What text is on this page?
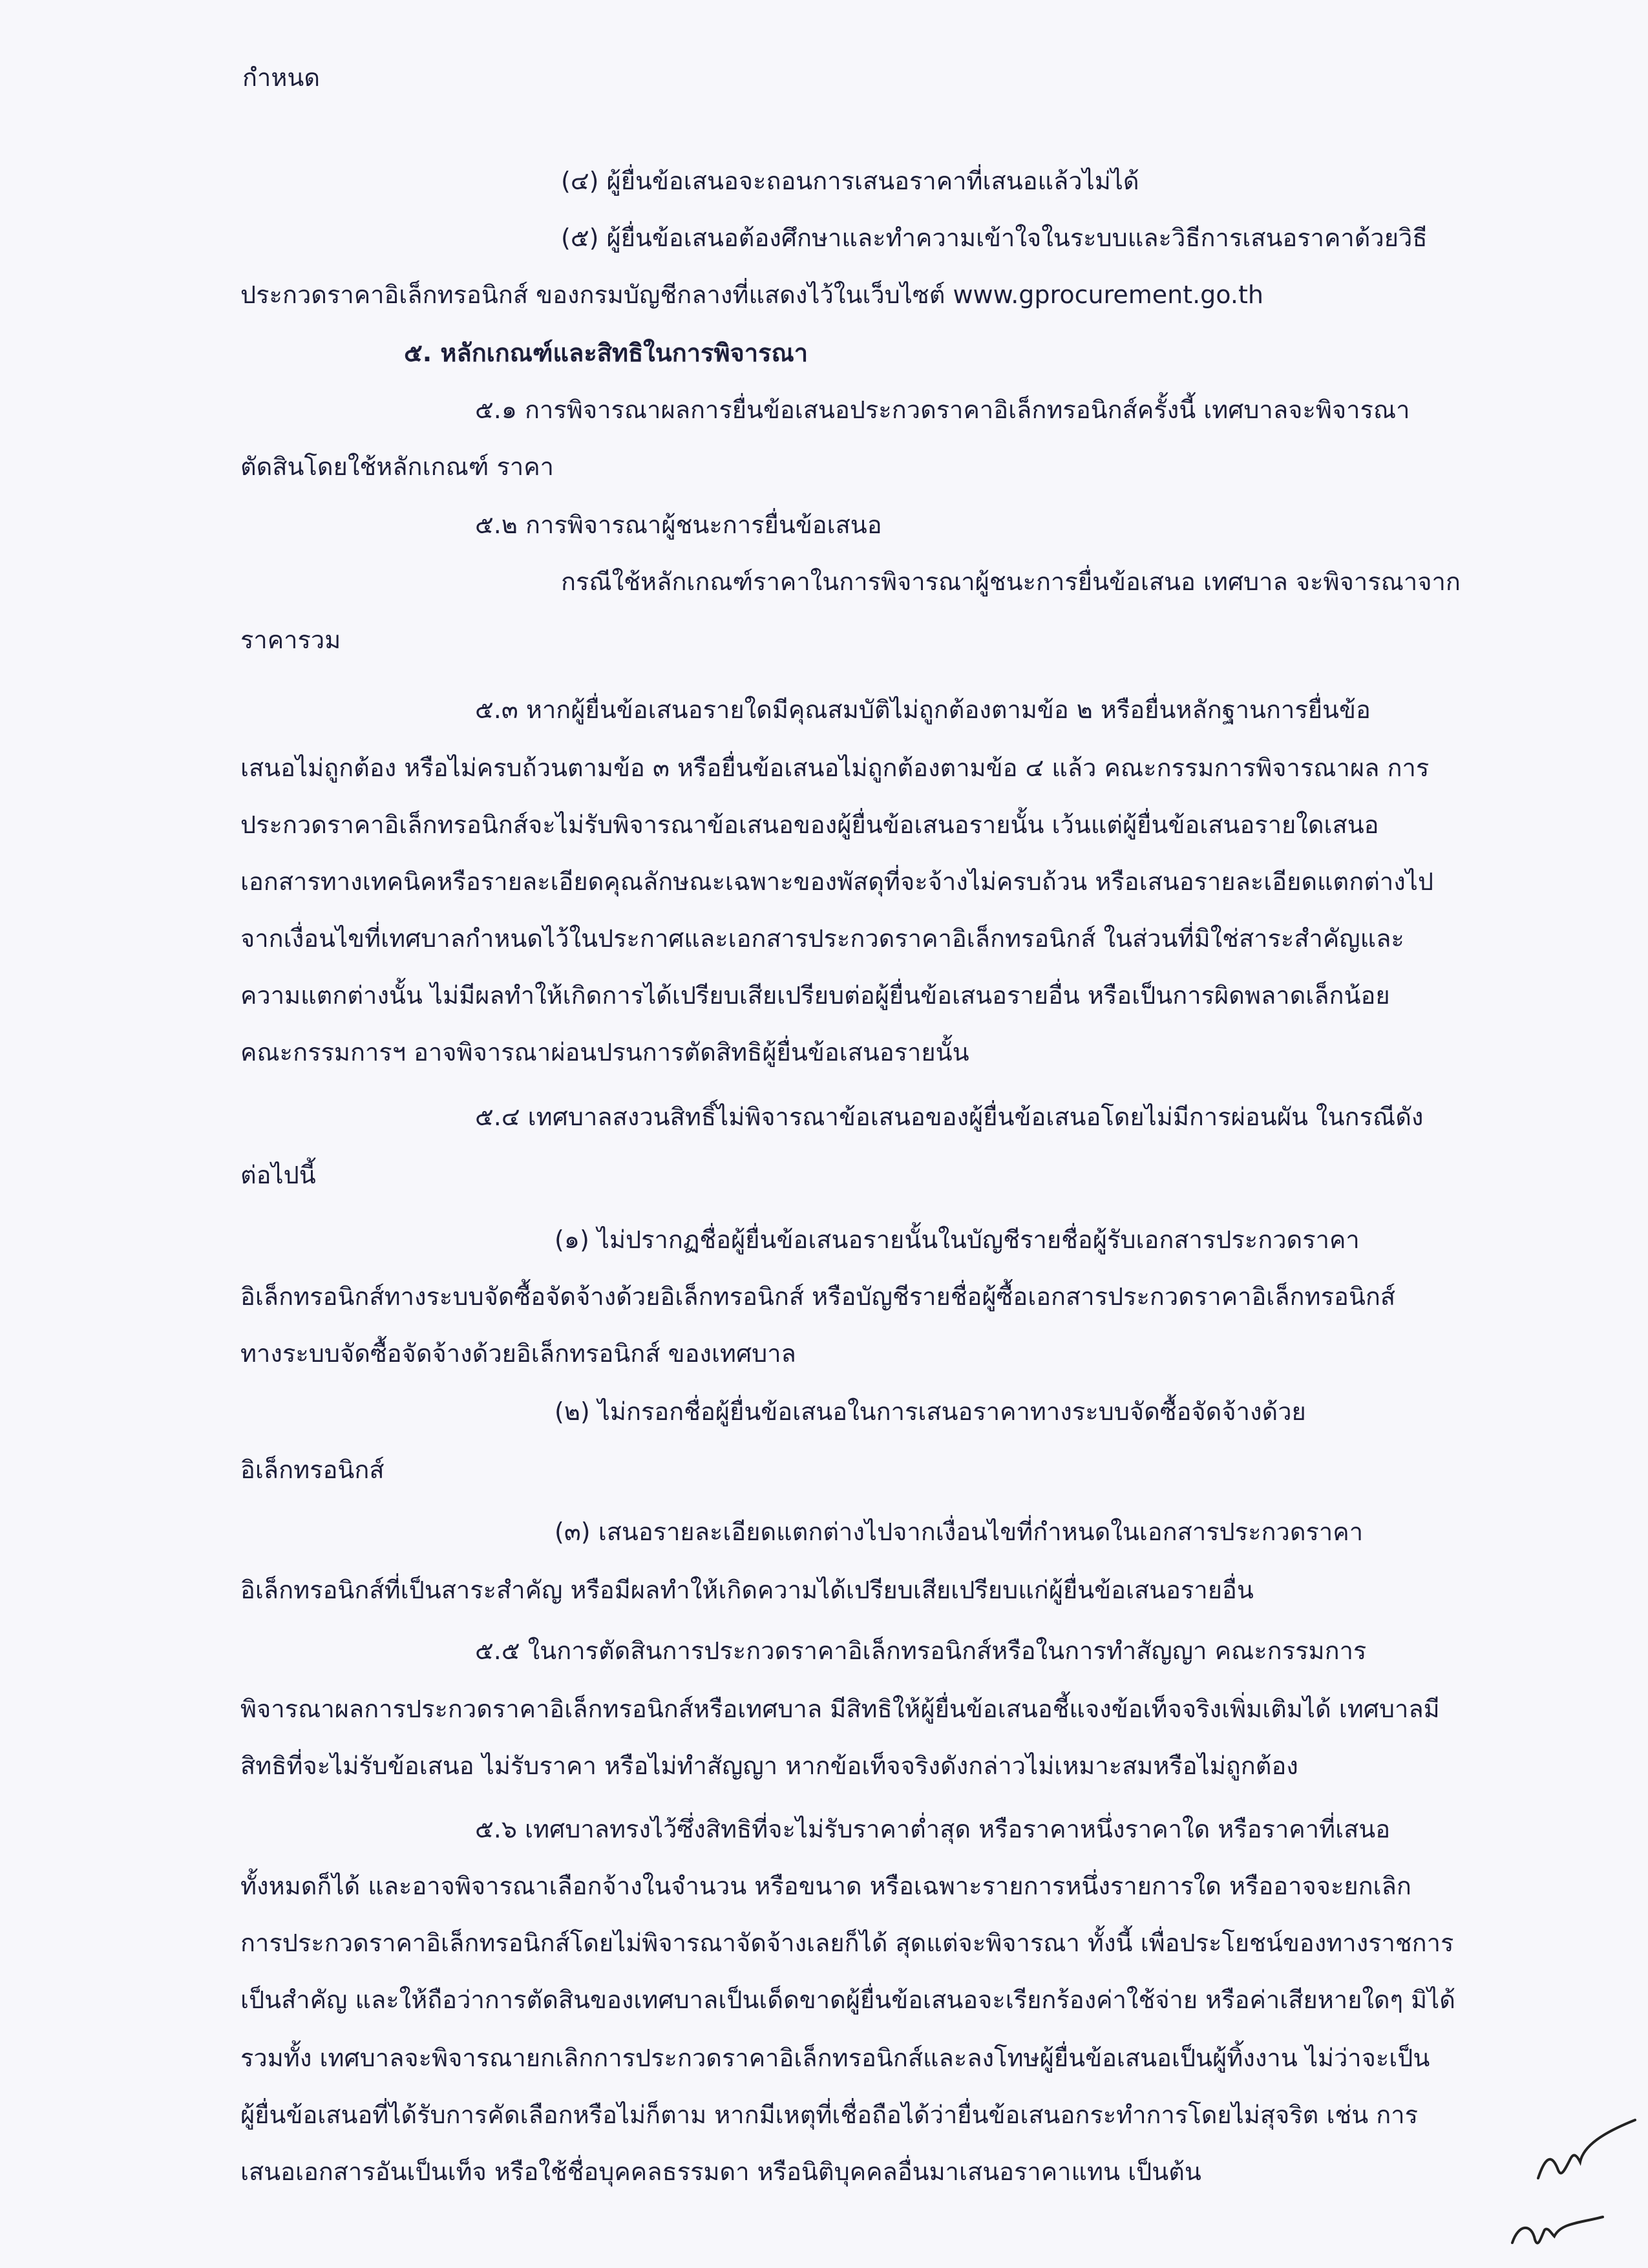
กำหนด
(๔) ผู้ยื่นข้อเสนอจะถอนการเสนอราคาที่เสนอแล้วไม่ได้
(๕) ผู้ยื่นข้อเสนอต้องศึกษาและทำความเข้าใจในระบบและวิธีการเสนอราคาด้วยวิธี
ประกวดราคาอิเล็กทรอนิกส์ ของกรมบัญชีกลางที่แสดงไว้ในเว็บไซต์ www.gprocurement.go.th
๕. หลักเกณฑ์และสิทธิในการพิจารณา
๕.๑ การพิจารณาผลการยื่นข้อเสนอประกวดราคาอิเล็กทรอนิกส์ครั้งนี้ เทศบาลจะพิจารณา
ตัดสินโดยใช้หลักเกณฑ์ ราคา
๕.๒ การพิจารณาผู้ชนะการยื่นข้อเสนอ
กรณีใช้หลักเกณฑ์ราคาในการพิจารณาผู้ชนะการยื่นข้อเสนอ เทศบาล จะพิจารณาจาก
ราคารวม
๕.๓ หากผู้ยื่นข้อเสนอรายใดมีคุณสมบัติไม่ถูกต้องตามข้อ ๒ หรือยื่นหลักฐานการยื่นข้อ
เสนอไม่ถูกต้อง หรือไม่ครบถ้วนตามข้อ ๓ หรือยื่นข้อเสนอไม่ถูกต้องตามข้อ ๔ แล้ว คณะกรรมการพิจารณาผล การ
ประกวดราคาอิเล็กทรอนิกส์จะไม่รับพิจารณาข้อเสนอของผู้ยื่นข้อเสนอรายนั้น เว้นแต่ผู้ยื่นข้อเสนอรายใดเสนอ
เอกสารทางเทคนิคหรือรายละเอียดคุณลักษณะเฉพาะของพัสดุที่จะจ้างไม่ครบถ้วน หรือเสนอรายละเอียดแตกต่างไป
จากเงื่อนไขที่เทศบาลกำหนดไว้ในประกาศและเอกสารประกวดราคาอิเล็กทรอนิกส์ ในส่วนที่มิใช่สาระสำคัญและ
ความแตกต่างนั้น ไม่มีผลทำให้เกิดการได้เปรียบเสียเปรียบต่อผู้ยื่นข้อเสนอรายอื่น หรือเป็นการผิดพลาดเล็กน้อย
คณะกรรมการฯ อาจพิจารณาผ่อนปรนการตัดสิทธิผู้ยื่นข้อเสนอรายนั้น
๕.๔ เทศบาลสงวนสิทธิ์ไม่พิจารณาข้อเสนอของผู้ยื่นข้อเสนอโดยไม่มีการผ่อนผัน ในกรณีดัง
ต่อไปนี้
(๑) ไม่ปรากฏชื่อผู้ยื่นข้อเสนอรายนั้นในบัญชีรายชื่อผู้รับเอกสารประกวดราคา
อิเล็กทรอนิกส์ทางระบบจัดซื้อจัดจ้างด้วยอิเล็กทรอนิกส์ หรือบัญชีรายชื่อผู้ซื้อเอกสารประกวดราคาอิเล็กทรอนิกส์
ทางระบบจัดซื้อจัดจ้างด้วยอิเล็กทรอนิกส์ ของเทศบาล
(๒) ไม่กรอกชื่อผู้ยื่นข้อเสนอในการเสนอราคาทางระบบจัดซื้อจัดจ้างด้วย
อิเล็กทรอนิกส์
(๓) เสนอรายละเอียดแตกต่างไปจากเงื่อนไขที่กำหนดในเอกสารประกวดราคา
อิเล็กทรอนิกส์ที่เป็นสาระสำคัญ หรือมีผลทำให้เกิดความได้เปรียบเสียเปรียบแก่ผู้ยื่นข้อเสนอรายอื่น
๕.๕ ในการตัดสินการประกวดราคาอิเล็กทรอนิกส์หรือในการทำสัญญา คณะกรรมการ
พิจารณาผลการประกวดราคาอิเล็กทรอนิกส์หรือเทศบาล มีสิทธิให้ผู้ยื่นข้อเสนอชี้แจงข้อเท็จจริงเพิ่มเติมได้ เทศบาลมี
สิทธิที่จะไม่รับข้อเสนอ ไม่รับราคา หรือไม่ทำสัญญา หากข้อเท็จจริงดังกล่าวไม่เหมาะสมหรือไม่ถูกต้อง
๕.๖ เทศบาลทรงไว้ซึ่งสิทธิที่จะไม่รับราคาต่ำสุด หรือราคาหนึ่งราคาใด หรือราคาที่เสนอ
ทั้งหมดก็ได้ และอาจพิจารณาเลือกจ้างในจำนวน หรือขนาด หรือเฉพาะรายการหนึ่งรายการใด หรืออาจจะยกเลิก
การประกวดราคาอิเล็กทรอนิกส์โดยไม่พิจารณาจัดจ้างเลยก็ได้ สุดแต่จะพิจารณา ทั้งนี้ เพื่อประโยชน์ของทางราชการ
เป็นสำคัญ และให้ถือว่าการตัดสินของเทศบาลเป็นเด็ดขาดผู้ยื่นข้อเสนอจะเรียกร้องค่าใช้จ่าย หรือค่าเสียหายใดๆ มิได้
รวมทั้ง เทศบาลจะพิจารณายกเลิกการประกวดราคาอิเล็กทรอนิกส์และลงโทษผู้ยื่นข้อเสนอเป็นผู้ทิ้งงาน ไม่ว่าจะเป็น
ผู้ยื่นข้อเสนอที่ได้รับการคัดเลือกหรือไม่ก็ตาม หากมีเหตุที่เชื่อถือได้ว่ายื่นข้อเสนอกระทำการโดยไม่สุจริต เช่น การ
เสนอเอกสารอันเป็นเท็จ หรือใช้ชื่อบุคคลธรรมดา หรือนิติบุคคลอื่นมาเสนอราคาแทน เป็นต้น
